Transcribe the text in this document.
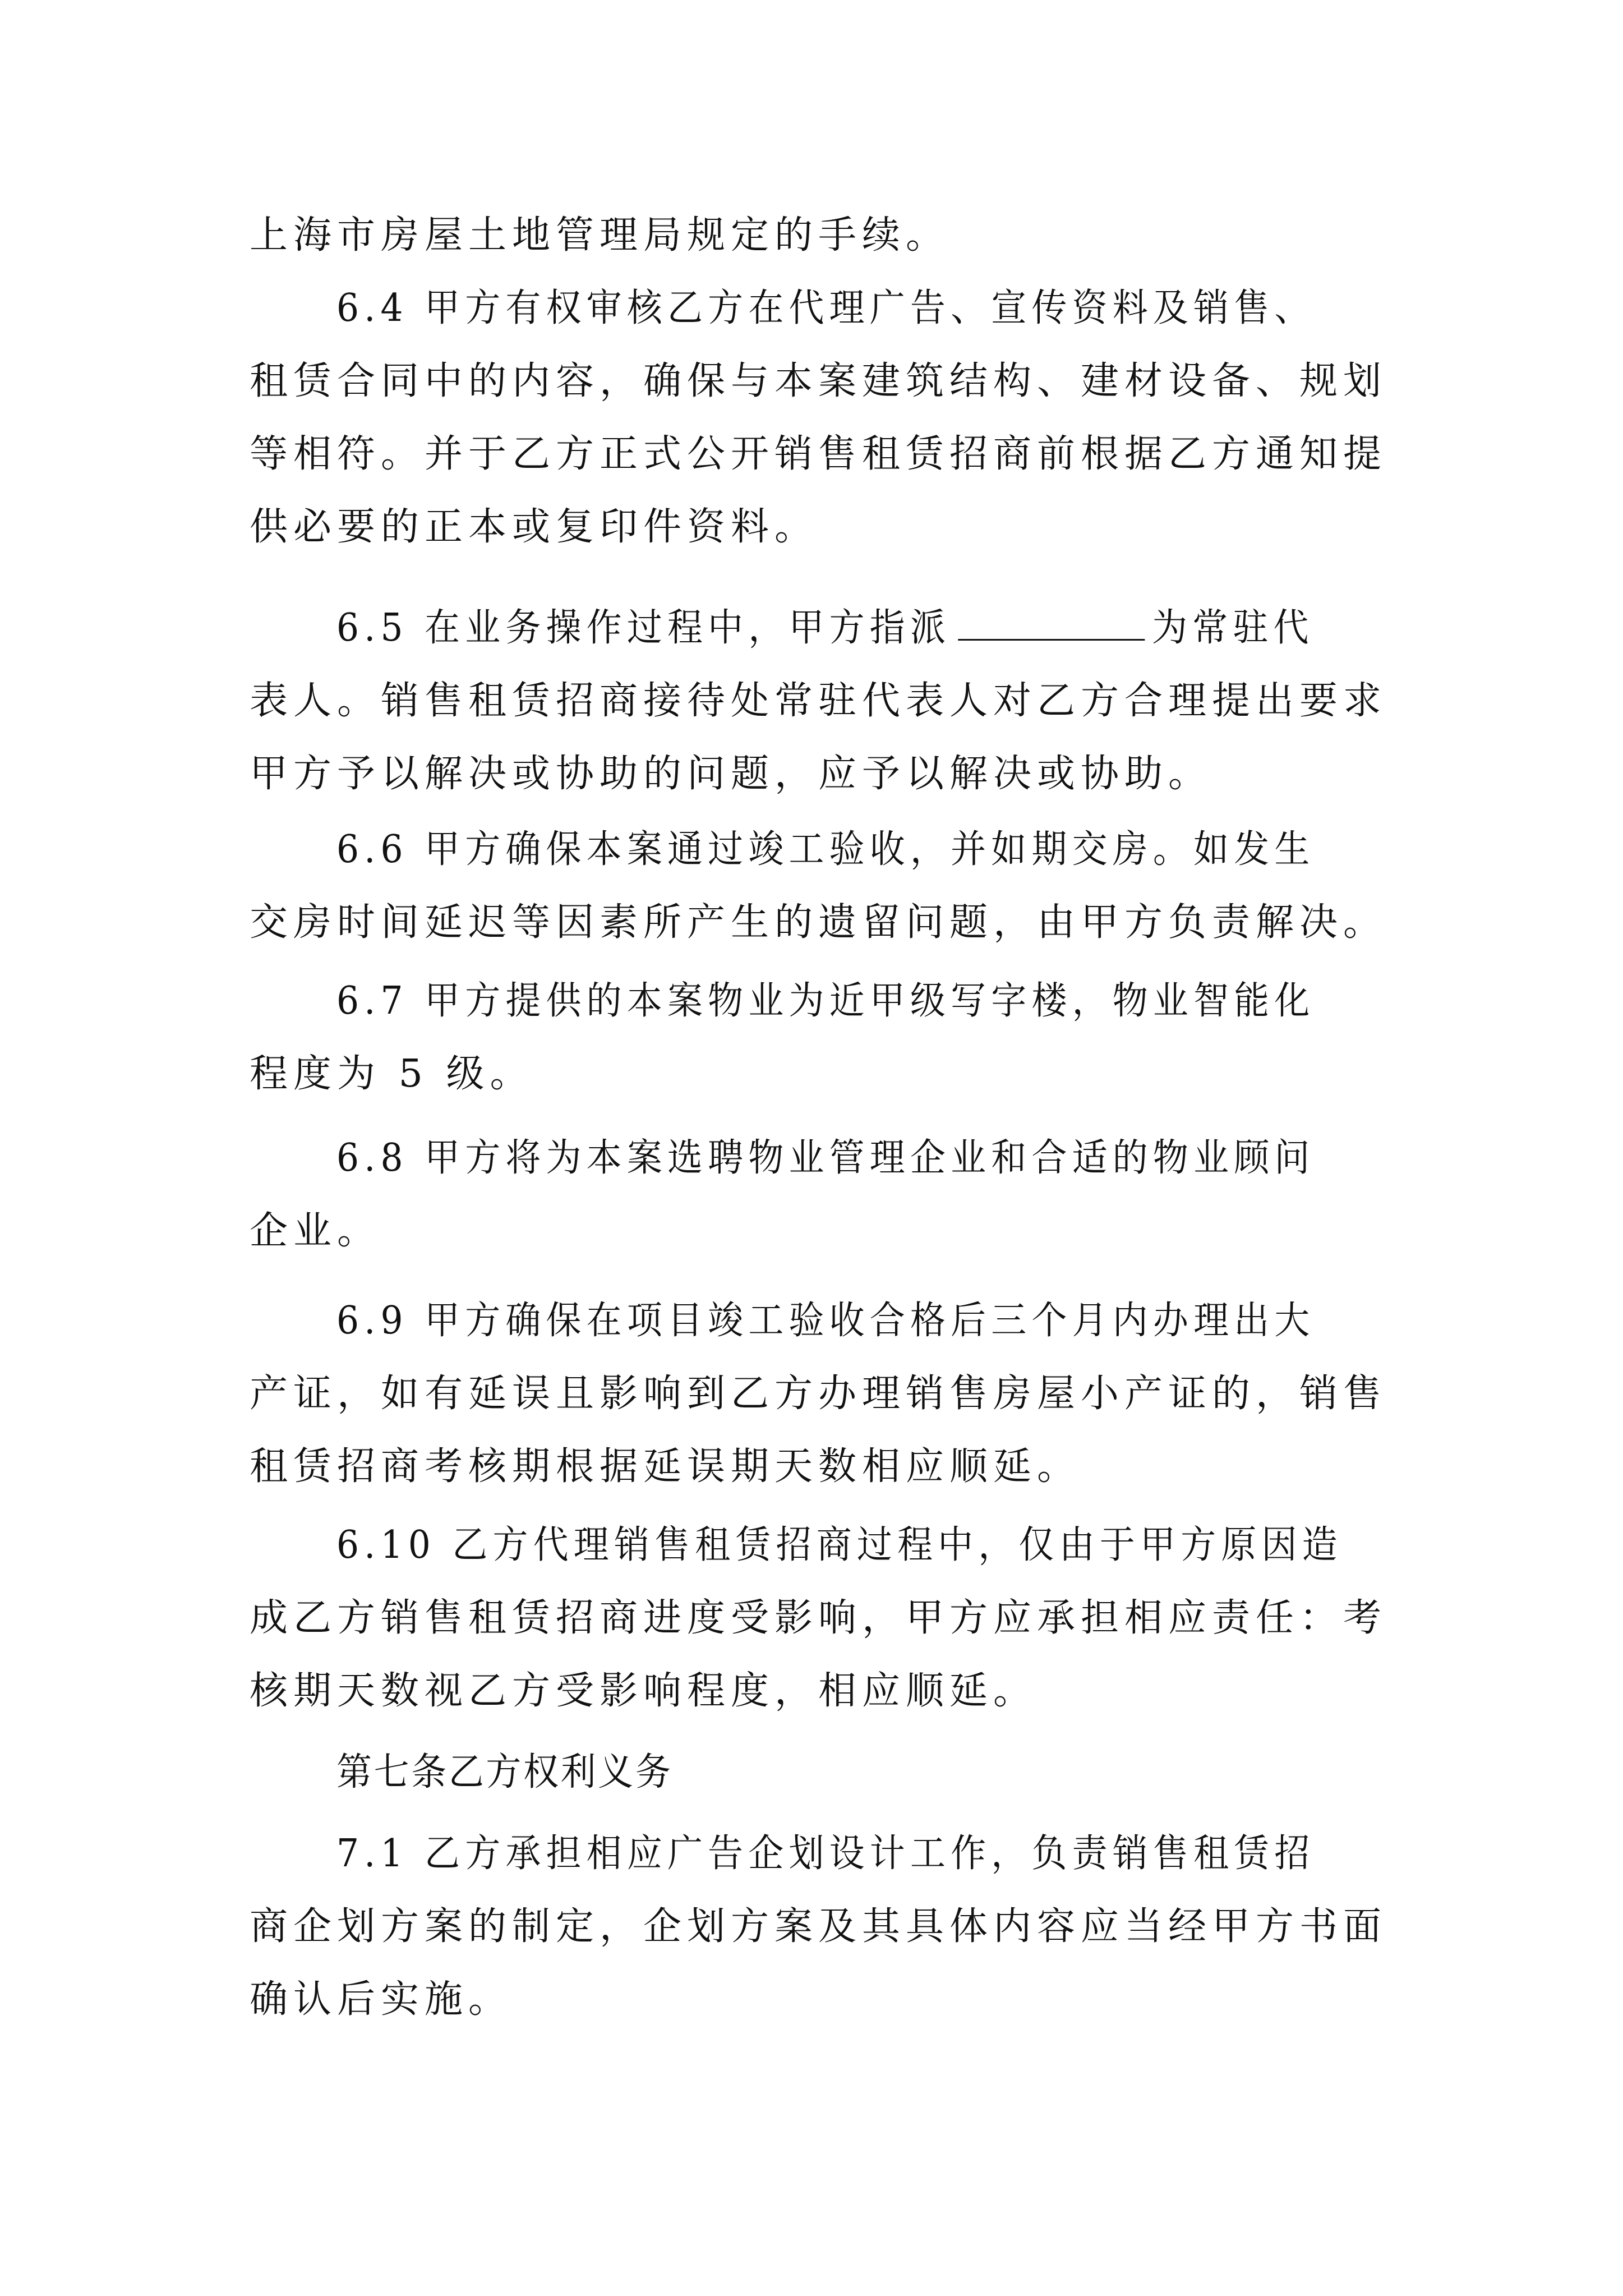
上海市房屋土地管理局规定的手续。
6.4 甲方有权审核乙方在代理广告、宣传资料及销售、
租赁合同中的内容，确保与本案建筑结构、建材设备、规划
等相符。并于乙方正式公开销售租赁招商前根据乙方通知提
供必要的正本或复印件资料。
6.5 在业务操作过程中，甲方指派	为常驻代
表人。销售租赁招商接待处常驻代表人对乙方合理提出要求
甲方予以解决或协助的问题，应予以解决或协助。
6.6 甲方确保本案通过竣工验收，并如期交房。如发生
交房时间延迟等因素所产生的遗留问题，由甲方负责解决。
6.7 甲方提供的本案物业为近甲级写字楼，物业智能化
程度为 5 级。
6.8 甲方将为本案选聘物业管理企业和合适的物业顾问
企业。
6.9 甲方确保在项目竣工验收合格后三个月内办理出大
产证，如有延误且影响到乙方办理销售房屋小产证的，销售
租赁招商考核期根据延误期天数相应顺延。
6.10 乙方代理销售租赁招商过程中，仅由于甲方原因造
成乙方销售租赁招商进度受影响，甲方应承担相应责任：考
核期天数视乙方受影响程度，相应顺延。
第七条乙方权利义务
7.1 乙方承担相应广告企划设计工作，负责销售租赁招
商企划方案的制定，企划方案及其具体内容应当经甲方书面
确认后实施。
